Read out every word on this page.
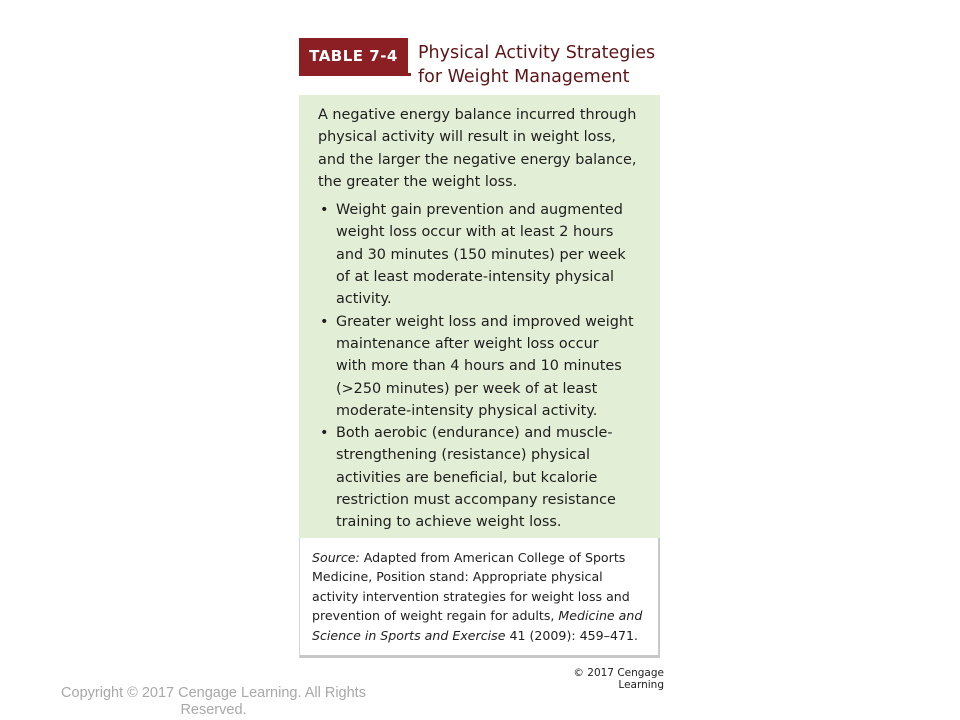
TABLE 7-4	Physical Activity Strategies
for Weight Management
A negative energy balance incurred through
physical activity will result in weight loss,
and the larger the negative energy balance,
the greater the weight loss.
• Weight gain prevention and augmented
weight loss occur with at least 2 hours
and 30 minutes (150 minutes) per week
of at least moderate-intensity physical
activity.
• Greater weight loss and improved weight
maintenance after weight loss occur
with more than 4 hours and 10 minutes
(>250 minutes) per week of at least
moderate-intensity physical activity.
• Both aerobic (endurance) and muscle-
strengthening (resistance) physical
activities are beneficial, but kcalorie
restriction must accompany resistance
training to achieve weight loss.
Source: Adapted from American College of Sports
Medicine, Position stand: Appropriate physical
activity intervention strategies for weight loss and
prevention of weight regain for adults, Medicine and
Science in Sports and Exercise 41 (2009): 459–471.
© 2017 Cengage Learning
Copyright © 2017 Cengage Learning. All Rights Reserved.
